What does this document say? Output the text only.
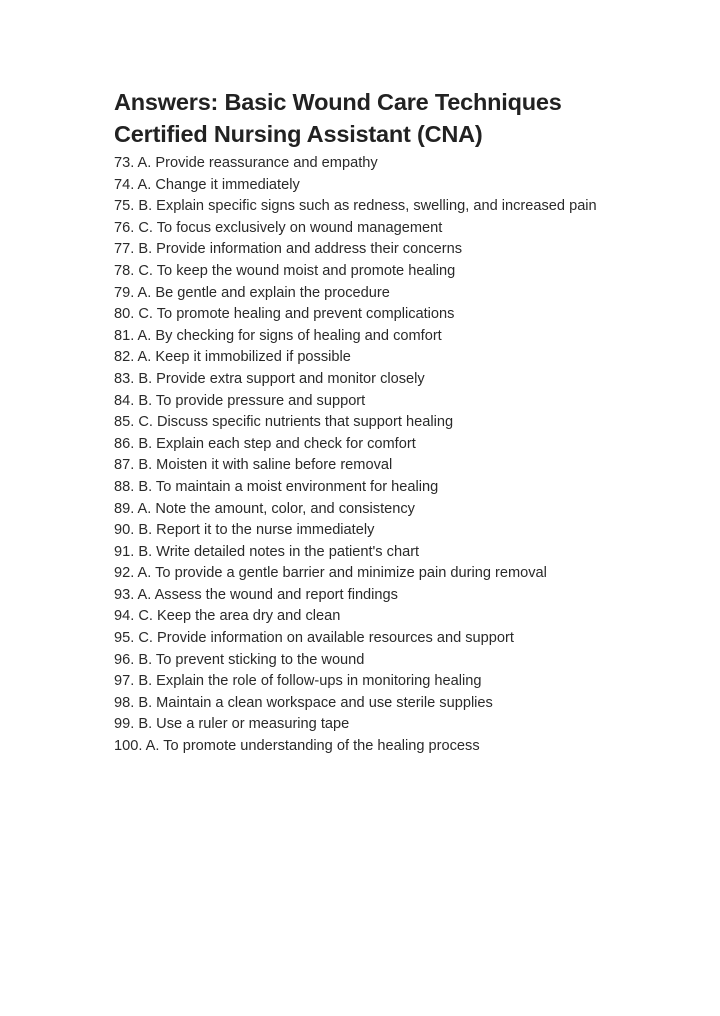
Answers: Basic Wound Care Techniques
Certified Nursing Assistant (CNA)

73. A. Provide reassurance and empathy

74. A. Change it immediately

75. B. Explain specific signs such as redness, swelling, and increased pain

76. C. To focus exclusively on wound management

77. B. Provide information and address their concerns

78. C. To keep the wound moist and promote healing

79. A. Be gentle and explain the procedure

80. C. To promote healing and prevent complications

81. A. By checking for signs of healing and comfort

82. A. Keep it immobilized if possible

83. B. Provide extra support and monitor closely

84. B. To provide pressure and support

85. C. Discuss specific nutrients that support healing

86. B. Explain each step and check for comfort

87. B. Moisten it with saline before removal

88. B. To maintain a moist environment for healing

89. A. Note the amount, color, and consistency

90. B. Report it to the nurse immediately

91. B. Write detailed notes in the patient's chart

92. A. To provide a gentle barrier and minimize pain during removal

93. A. Assess the wound and report findings

94. C. Keep the area dry and clean

95. C. Provide information on available resources and support

96. B. To prevent sticking to the wound

97. B. Explain the role of follow-ups in monitoring healing

98. B. Maintain a clean workspace and use sterile supplies

99. B. Use a ruler or measuring tape

100. A. To promote understanding of the healing process
